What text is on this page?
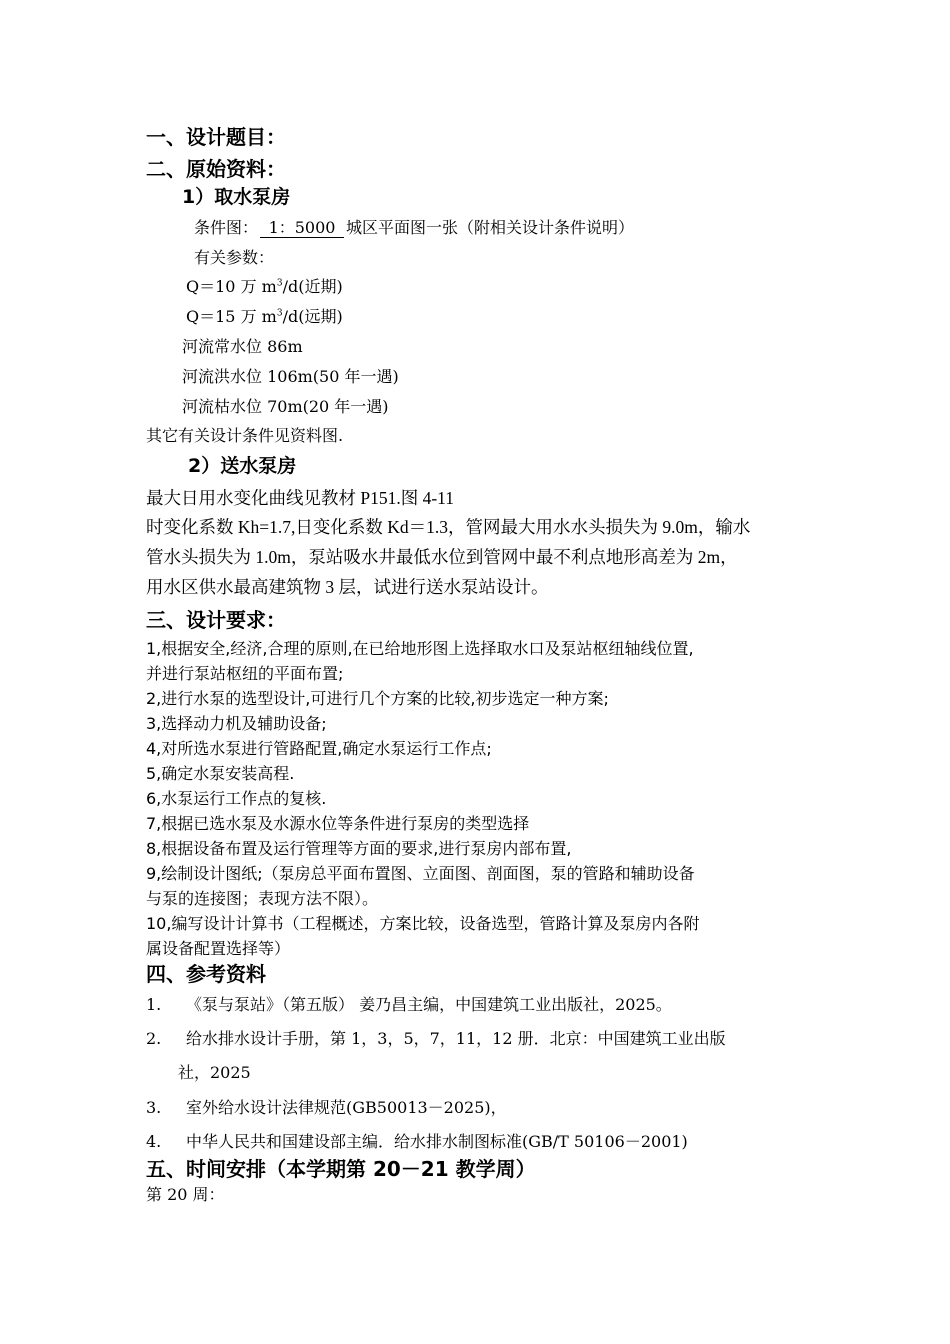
一、设计题目：
二、原始资料：
1）取水泵房
条件图： 1：5000 城区平面图一张（附相关设计条件说明）
有关参数：
Q＝10 万 $m^3/d$(近期)
Q＝15 万 $m^3/d$(远期)
河流常水位 86m
河流洪水位 106m(50 年一遇)
河流枯水位 70m(20 年一遇)
其它有关设计条件见资料图.
2）送水泵房
最大日用水变化曲线见教材 P151.图 4-11
时变化系数 Kh=1.7,日变化系数 Kd＝1.3，管网最大用水水头损失为 9.0m，输水
管水头损失为 1.0m，泵站吸水井最低水位到管网中最不利点地形高差为 2m，
用水区供水最高建筑物 3 层，试进行送水泵站设计。
三、设计要求：
1,根据安全,经济,合理的原则,在已给地形图上选择取水口及泵站枢纽轴线位置,
并进行泵站枢纽的平面布置;
2,进行水泵的选型设计,可进行几个方案的比较,初步选定一种方案;
3,选择动力机及辅助设备;
4,对所选水泵进行管路配置,确定水泵运行工作点;
5,确定水泵安装高程.
6,水泵运行工作点的复核.
7,根据已选水泵及水源水位等条件进行泵房的类型选择
8,根据设备布置及运行管理等方面的要求,进行泵房内部布置,
9,绘制设计图纸;（泵房总平面布置图、立面图、剖面图，泵的管路和辅助设备
与泵的连接图；表现方法不限）。
10,编写设计计算书（工程概述，方案比较，设备选型，管路计算及泵房内各附
属设备配置选择等）
四、参考资料
1. 《泵与泵站》（第五版） 姜乃昌主编，中国建筑工业出版社，2025。
2. 给水排水设计手册，第 1，3，5，7，11，12 册．北京：中国建筑工业出版
社，2025
3. 室外给水设计法律规范(GB50013－2025)，
4. 中华人民共和国建设部主编．给水排水制图标准(GB/T 50106－2001)
五、时间安排（本学期第 20－21 教学周）
第 20 周：
